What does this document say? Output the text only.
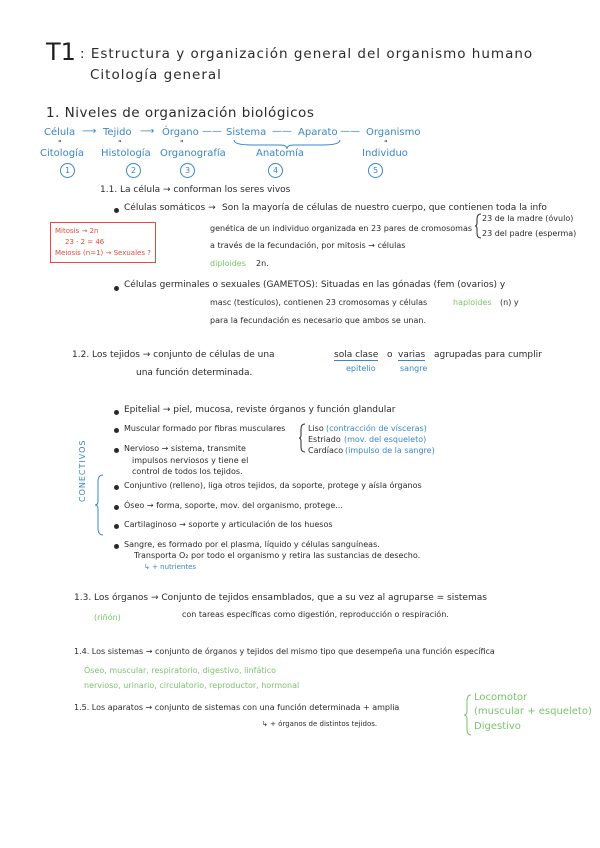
T1 : Estructura y organización general del organismo humano
Citología general
1. Niveles de organización biológicos
Célula ⟶ Tejido ⟶ Órgano —— Sistema —— Aparato —— Organismo
"	"	"	"
Citología Histología Organografía	Anatomía	Individuo
1	2	3	4	5
1.1. La célula → conforman los seres vivos
Células somáticos → Son la mayoría de células de nuestro cuerpo, que contienen toda la info
genética de un individuo organizada en 23 pares de cromosomas
23 de la madre (óvulo)
23 del padre (esperma)
a través de la fecundación, por mitosis → células
diploides 2n.
Mitosis → 2n
23 · 2 = 46
Meiosis (n=1) → Sexuales ?
Células germinales o sexuales (GAMETOS): Situadas en las gónadas (fem (ovarios) y
masc (testículos), contienen 23 cromosomas y células	haploides (n) y
para la fecundación es necesario que ambos se unan.
1.2. Los tejidos → conjunto de células de una	sola clase o varias agrupadas para cumplir
epitelio	sangre
una función determinada.
Epitelial → piel, mucosa, reviste órganos y función glandular
Muscular formado por fibras musculares	Liso (contracción de vísceras)
Estriado (mov. del esqueleto)
Cardíaco (impulso de la sangre)
Nervioso → sistema, transmite
impulsos nerviosos y tiene el
control de todos los tejidos.
CONECTIVOS	Conjuntivo (relleno), liga otros tejidos, da soporte, protege y aísla órganos
Óseo → forma, soporte, mov. del organismo, protege...
Cartilaginoso → soporte y articulación de los huesos
Sangre, es formado por el plasma, líquido y células sanguíneas.
Transporta O₂ por todo el organismo y retira las sustancias de desecho.
↳ + nutrientes
1.3. Los órganos → Conjunto de tejidos ensamblados, que a su vez al agruparse = sistemas
(riñón)	con tareas específicas como digestión, reproducción o respiración.
1.4. Los sistemas → conjunto de órganos y tejidos del mismo tipo que desempeña una función específica
Óseo, muscular, respiratorio, digestivo, linfático
nervioso, urinario, circulatorio, reproductor, hormonal
1.5. Los aparatos → conjunto de sistemas con una función determinada + amplia
↳ + órganos de distintos tejidos.
Locomotor
(muscular + esqueleto)
Digestivo
